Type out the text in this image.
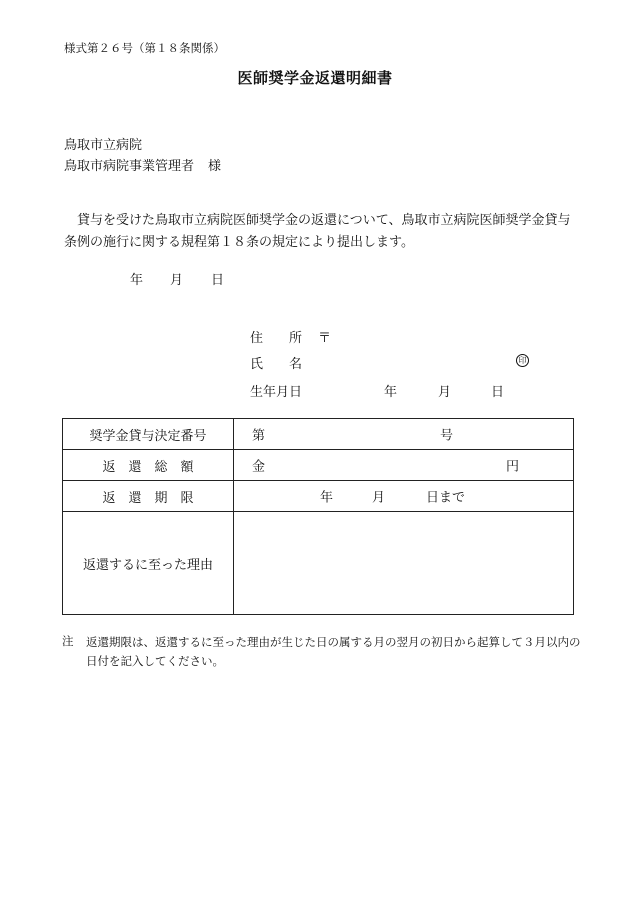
様式第２６号（第１８条関係）
医師奨学金返還明細書
鳥取市立病院
鳥取市病院事業管理者 様
貸与を受けた鳥取市立病院医師奨学金の返還について、鳥取市立病院医師奨学金貸与条例の施行に関する規程第１８条の規定により提出します。
年 月 日
住　　所 〒
氏　　名	印
生年月日	年	月	日
奨学金貸与決定番号	第 号

返　還　総　額	金 円

返　還　期　限	年 月 日まで

返還するに至った理由	
注 返還期限は、返還するに至った理由が生じた日の属する月の翌月の初日から起算して３月以内の日付を記入してください。
